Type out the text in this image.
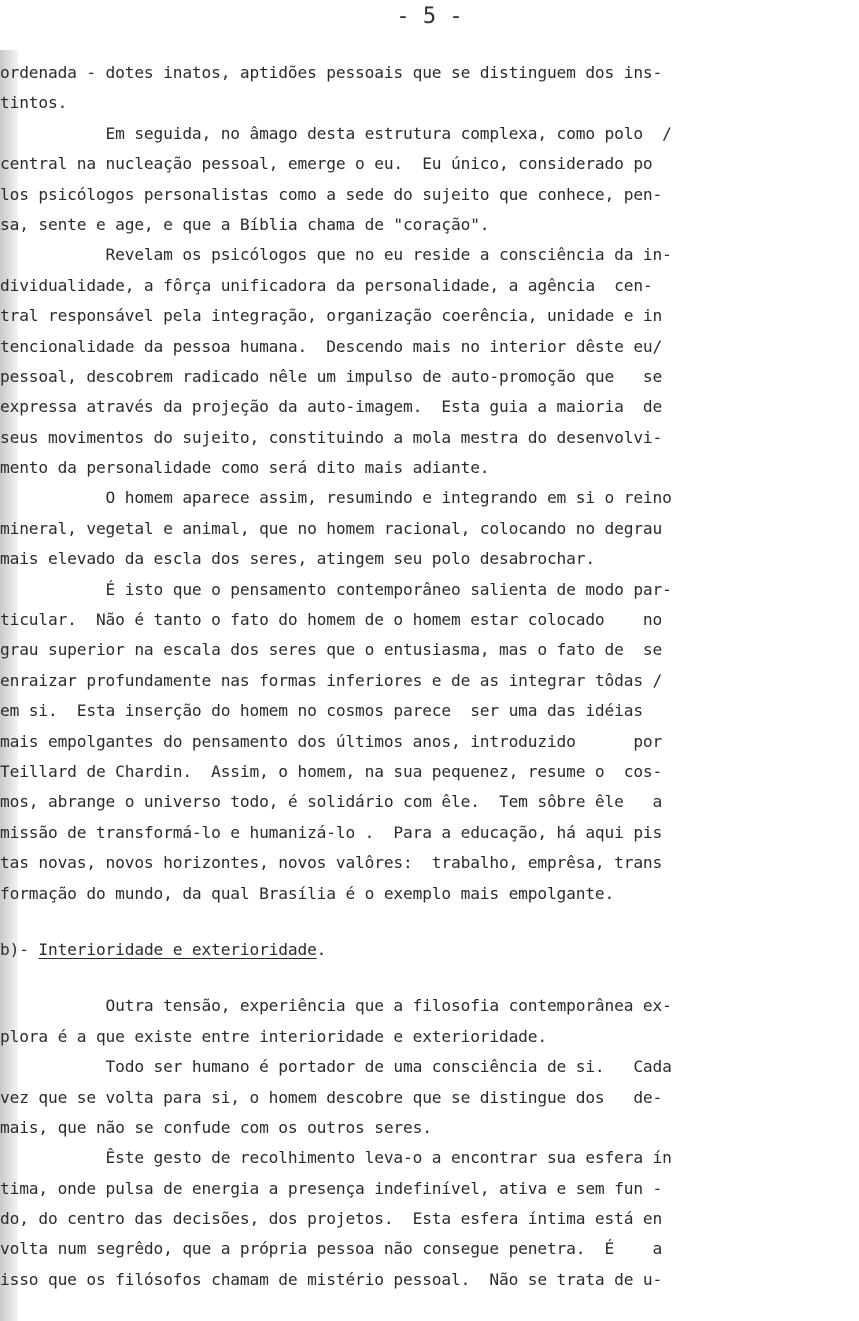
- 5 -
ordenada - dotes inatos, aptidões pessoais que se distinguem dos ins-
tintos.
Em seguida, no âmago desta estrutura complexa, como polo  /
central na nucleação pessoal, emerge o eu.  Eu único, considerado po
los psicólogos personalistas como a sede do sujeito que conhece, pen-
sa, sente e age, e que a Bíblia chama de "coração".
Revelam os psicólogos que no eu reside a consciência da in-
dividualidade, a fôrça unificadora da personalidade, a agência  cen-
tral responsável pela integração, organização coerência, unidade e in
tencionalidade da pessoa humana.  Descendo mais no interior dêste eu/
pessoal, descobrem radicado nêle um impulso de auto-promoção que   se
expressa através da projeção da auto-imagem.  Esta guia a maioria  de
seus movimentos do sujeito, constituindo a mola mestra do desenvolvi-
mento da personalidade como será dito mais adiante.
O homem aparece assim, resumindo e integrando em si o reino
mineral, vegetal e animal, que no homem racional, colocando no degrau
mais elevado da escla dos seres, atingem seu polo desabrochar.
É isto que o pensamento contemporâneo salienta de modo par-
ticular.  Não é tanto o fato do homem de o homem estar colocado    no
grau superior na escala dos seres que o entusiasma, mas o fato de  se
enraizar profundamente nas formas inferiores e de as integrar tôdas /
em si.  Esta inserção do homem no cosmos parece  ser uma das idéias
mais empolgantes do pensamento dos últimos anos, introduzido      por
Teillard de Chardin.  Assim, o homem, na sua pequenez, resume o  cos-
mos, abrange o universo todo, é solidário com êle.  Tem sôbre êle   a
missão de transformá-lo e humanizá-lo .  Para a educação, há aqui pis
tas novas, novos horizontes, novos valôres:  trabalho, emprêsa, trans
formação do mundo, da qual Brasília é o exemplo mais empolgante.
b)- Interioridade e exterioridade.
Outra tensão, experiência que a filosofia contemporânea ex-
plora é a que existe entre interioridade e exterioridade.
Todo ser humano é portador de uma consciência de si.   Cada
vez que se volta para si, o homem descobre que se distingue dos   de-
mais, que não se confude com os outros seres.
Êste gesto de recolhimento leva-o a encontrar sua esfera ín
tima, onde pulsa de energia a presença indefinível, ativa e sem fun -
do, do centro das decisões, dos projetos.  Esta esfera íntima está en
volta num segrêdo, que a própria pessoa não consegue penetra.  É    a
isso que os filósofos chamam de mistério pessoal.  Não se trata de u-
